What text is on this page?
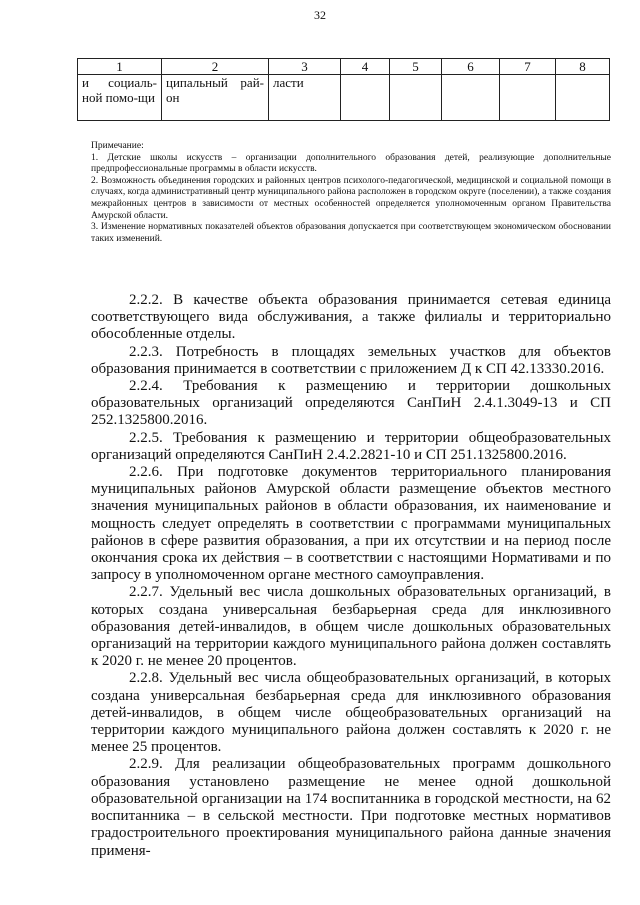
32
1	2	3	4	5	6	7	8
и социаль-ной помо-щи	ципальный рай-он	ласти					

Примечание:

1. Детские школы искусств – организации дополнительного образования детей, реализующие дополнительные предпрофессиональные программы в области искусств.

2. Возможность объединения городских и районных центров психолого-педагогической, медицинской и социальной помощи в случаях, когда административный центр муниципального района расположен в городском округе (поселении), а также создания межрайонных центров в зависимости от местных особенностей определяется уполномоченным органом Правительства Амурской области.

3. Изменение нормативных показателей объектов образования допускается при соответствующем экономическом обосновании таких изменений.

2.2.2. В качестве объекта образования принимается сетевая единица соответствующего вида обслуживания, а также филиалы и территориально обособленные отделы.

2.2.3. Потребность в площадях земельных участков для объектов образования принимается в соответствии с приложением Д к СП 42.13330.2016.

2.2.4. Требования к размещению и территории дошкольных образовательных организаций определяются СанПиН 2.4.1.3049-13 и СП 252.1325800.2016.

2.2.5. Требования к размещению и территории общеобразовательных организаций определяются СанПиН 2.4.2.2821-10 и СП 251.1325800.2016.

2.2.6. При подготовке документов территориального планирования муниципальных районов Амурской области размещение объектов местного значения муниципальных районов в области образования, их наименование и мощность следует определять в соответствии с программами муниципальных районов в сфере развития образования, а при их отсутствии и на период после окончания срока их действия – в соответствии с настоящими Нормативами и по запросу в уполномоченном органе местного самоуправления.

2.2.7. Удельный вес числа дошкольных образовательных организаций, в которых создана универсальная безбарьерная среда для инклюзивного образования детей-инвалидов, в общем числе дошкольных образовательных организаций на территории каждого муниципального района должен составлять к 2020 г. не менее 20 процентов.

2.2.8. Удельный вес числа общеобразовательных организаций, в которых создана универсальная безбарьерная среда для инклюзивного образования детей-инвалидов, в общем числе общеобразовательных организаций на территории каждого муниципального района должен составлять к 2020 г. не менее 25 процентов.

2.2.9. Для реализации общеобразовательных программ дошкольного образования установлено размещение не менее одной дошкольной образовательной организации на 174 воспитанника в городской местности, на 62 воспитанника – в сельской местности. При подготовке местных нормативов градостроительного проектирования муниципального района данные значения применя-
